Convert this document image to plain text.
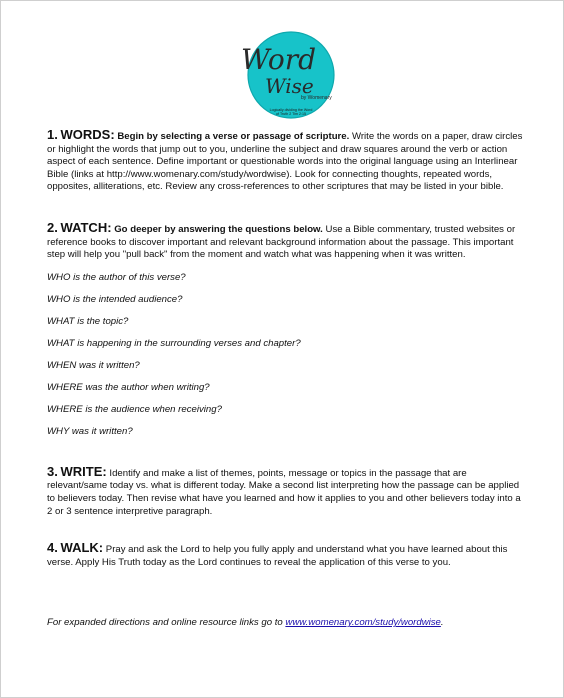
Word
Wise
by Womenary
Logically dividing the Word
of Truth 2 Tim 2:15

1. WORDS: Begin by selecting a verse or passage of scripture. Write the words on a paper, draw circles or highlight the words that jump out to you, underline the subject and draw squares around the verb or action aspect of each sentence. Define important or questionable words into the original language using an Interlinear Bible (links at http://www.womenary.com/study/wordwise). Look for connecting thoughts, repeated words, opposites, alliterations, etc. Review any cross-references to other scriptures that may be listed in your bible.

2. WATCH: Go deeper by answering the questions below. Use a Bible commentary, trusted websites or reference books to discover important and relevant background information about the passage. This important step will help you "pull back" from the moment and watch what was happening when it was written.

WHO is the author of this verse?

WHO is the intended audience?

WHAT is the topic?

WHAT is happening in the surrounding verses and chapter?

WHEN was it written?

WHERE was the author when writing?

WHERE is the audience when receiving?

WHY was it written?

3. WRITE: Identify and make a list of themes, points, message or topics in the passage that are relevant/same today vs. what is different today. Make a second list interpreting how the passage can be applied to believers today. Then revise what have you learned and how it applies to you and other believers today into a 2 or 3 sentence interpretive paragraph.

4. WALK: Pray and ask the Lord to help you fully apply and understand what you have learned about this verse. Apply His Truth today as the Lord continues to reveal the application of this verse to you.

For expanded directions and online resource links go to www.womenary.com/study/wordwise.
